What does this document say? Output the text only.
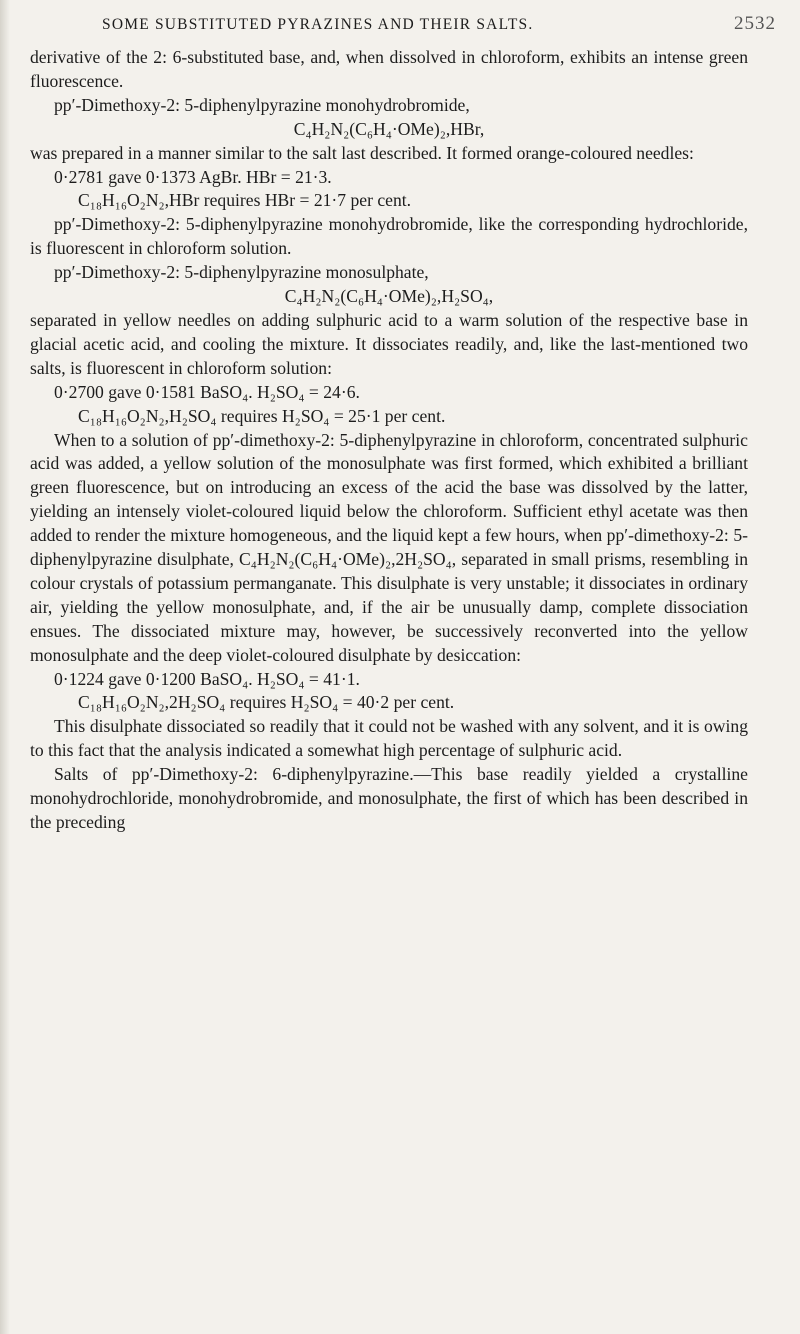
SOME SUBSTITUTED PYRAZINES AND THEIR SALTS.	2532

derivative of the 2: 6-substituted base, and, when dissolved in chloroform, exhibits an intense green fluorescence.

pp′-Dimethoxy-2: 5-diphenylpyrazine monohydrobromide,

C₄H₂N₂(C₆H₄·OMe)₂,HBr,

was prepared in a manner similar to the salt last described. It formed orange-coloured needles:

0·2781 gave 0·1373 AgBr. HBr = 21·3.

C₁₈H₁₆O₂N₂,HBr requires HBr = 21·7 per cent.

pp′-Dimethoxy-2: 5-diphenylpyrazine monohydrobromide, like the corresponding hydrochloride, is fluorescent in chloroform solution.

pp′-Dimethoxy-2: 5-diphenylpyrazine monosulphate,

C₄H₂N₂(C₆H₄·OMe)₂,H₂SO₄,

separated in yellow needles on adding sulphuric acid to a warm solution of the respective base in glacial acetic acid, and cooling the mixture. It dissociates readily, and, like the last-mentioned two salts, is fluorescent in chloroform solution:

0·2700 gave 0·1581 BaSO₄. H₂SO₄ = 24·6.

C₁₈H₁₆O₂N₂,H₂SO₄ requires H₂SO₄ = 25·1 per cent.

When to a solution of pp′-dimethoxy-2: 5-diphenylpyrazine in chloroform, concentrated sulphuric acid was added, a yellow solution of the monosulphate was first formed, which exhibited a brilliant green fluorescence, but on introducing an excess of the acid the base was dissolved by the latter, yielding an intensely violet-coloured liquid below the chloroform. Sufficient ethyl acetate was then added to render the mixture homogeneous, and the liquid kept a few hours, when pp′-dimethoxy-2: 5-diphenylpyrazine disulphate, C₄H₂N₂(C₆H₄·OMe)₂,2H₂SO₄, separated in small prisms, resembling in colour crystals of potassium permanganate. This disulphate is very unstable; it dissociates in ordinary air, yielding the yellow monosulphate, and, if the air be unusually damp, complete dissociation ensues. The dissociated mixture may, however, be successively reconverted into the yellow monosulphate and the deep violet-coloured disulphate by desiccation:

0·1224 gave 0·1200 BaSO₄. H₂SO₄ = 41·1.

C₁₈H₁₆O₂N₂,2H₂SO₄ requires H₂SO₄ = 40·2 per cent.

This disulphate dissociated so readily that it could not be washed with any solvent, and it is owing to this fact that the analysis indicated a somewhat high percentage of sulphuric acid.

Salts of pp′-Dimethoxy-2: 6-diphenylpyrazine.—This base readily yielded a crystalline monohydrochloride, monohydrobromide, and monosulphate, the first of which has been described in the preceding
